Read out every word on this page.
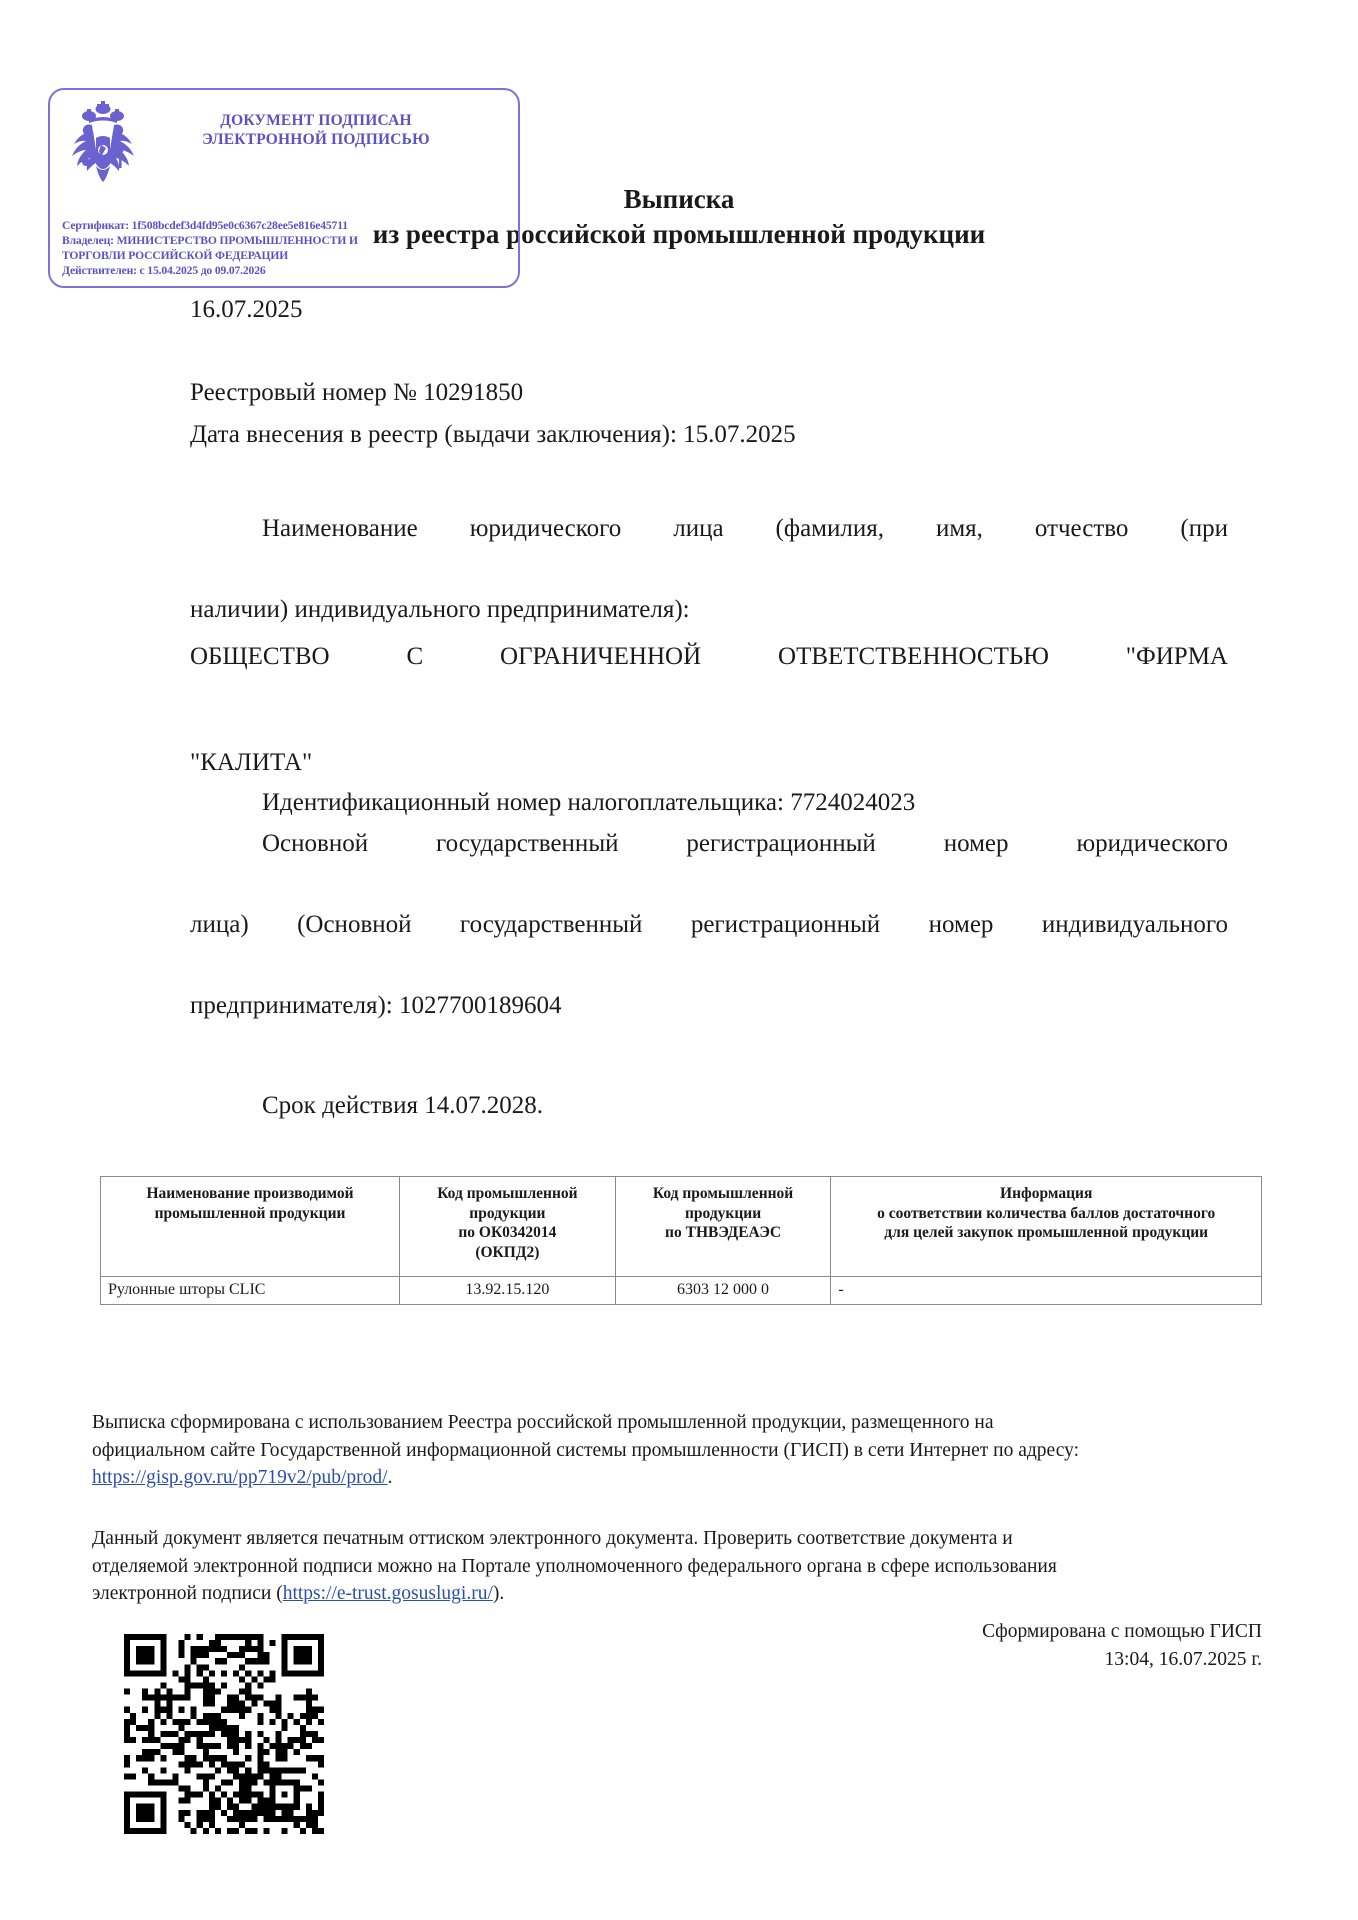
ДОКУМЕНТ ПОДПИСАН
ЭЛЕКТРОННОЙ ПОДПИСЬЮ
Сертификат: 1f508bcdef3d4fd95e0c6367c28ee5e816e45711
Владелец: МИНИСТЕРСТВО ПРОМЫШЛЕННОСТИ И
ТОРГОВЛИ РОССИЙСКОЙ ФЕДЕРАЦИИ
Действителен: с 15.04.2025 до 09.07.2026
Выписка
из реестра российской промышленной продукции

16.07.2025

Реестровый номер № 10291850

Дата внесения в реестр (выдачи заключения): 15.07.2025

Наименование юридического лица (фамилия, имя, отчество (при

наличии) индивидуального предпринимателя):

ОБЩЕСТВО С ОГРАНИЧЕННОЙ ОТВЕТСТВЕННОСТЬЮ "ФИРМА

"КАЛИТА"

Идентификационный номер налогоплательщика: 7724024023

Основной государственный регистрационный номер юридического

лица) (Основной государственный регистрационный номер индивидуального

предпринимателя): 1027700189604

Срок действия 14.07.2028.

Наименование производимой
промышленной продукции	Код промышленной
продукции
по ОК0342014
(ОКПД2)	Код промышленной
продукции
по ТНВЭДЕАЭС	Информация
о соответствии количества баллов достаточного
для целей закупок промышленной продукции
Рулонные шторы CLIC	13.92.15.120	6303 12 000 0	-
Выписка сформирована с использованием Реестра российской промышленной продукции, размещенного на
официальном сайте Государственной информационной системы промышленности (ГИСП) в сети Интернет по адресу:
https://gisp.gov.ru/pp719v2/pub/prod/.
Данный документ является печатным оттиском электронного документа. Проверить соответствие документа и
отделяемой электронной подписи можно на Портале уполномоченного федерального органа в сфере использования
электронной подписи (https://e-trust.gosuslugi.ru/).
Сформирована с помощью ГИСП
13:04, 16.07.2025 г.
